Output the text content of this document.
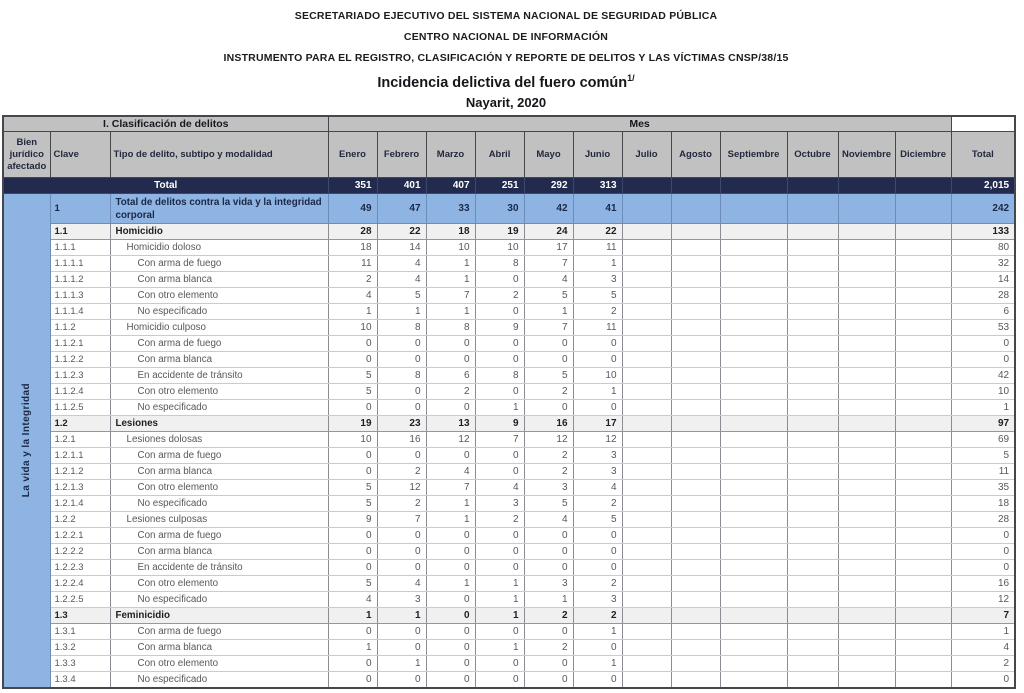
SECRETARIADO EJECUTIVO DEL SISTEMA NACIONAL DE SEGURIDAD PÚBLICA
CENTRO NACIONAL DE INFORMACIÓN
INSTRUMENTO PARA EL REGISTRO, CLASIFICACIÓN Y REPORTE DE DELITOS Y LAS VÍCTIMAS CNSP/38/15
Incidencia delictiva del fuero común$^{1/}$
Nayarit, 2020
I. Clasificación de delitos			Mes												
Bien jurídico afectado	Clave	Tipo de delito, subtipo y modalidad	Enero	Febrero	Marzo	Abril	Mayo	Junio	Julio	Agosto	Septiembre	Octubre	Noviembre	Diciembre	Total
Total			351	401	407	251	292	313							2,015
La vida y la Integridad	1	Total de delitos contra la vida y la integridad corporal	49	47	33	30	42	41							242
	1.1	Homicidio	28	22	18	19	24	22							133
	1.1.1	Homicidio doloso	18	14	10	10	17	11							80
	1.1.1.1	Con arma de fuego	11	4	1	8	7	1							32
	1.1.1.2	Con arma blanca	2	4	1	0	4	3							14
	1.1.1.3	Con otro elemento	4	5	7	2	5	5							28
	1.1.1.4	No especificado	1	1	1	0	1	2							6
	1.1.2	Homicidio culposo	10	8	8	9	7	11							53
	1.1.2.1	Con arma de fuego	0	0	0	0	0	0							0
	1.1.2.2	Con arma blanca	0	0	0	0	0	0							0
	1.1.2.3	En accidente de tránsito	5	8	6	8	5	10							42
	1.1.2.4	Con otro elemento	5	0	2	0	2	1							10
	1.1.2.5	No especificado	0	0	0	1	0	0							1
	1.2	Lesiones	19	23	13	9	16	17							97
	1.2.1	Lesiones dolosas	10	16	12	7	12	12							69
	1.2.1.1	Con arma de fuego	0	0	0	0	2	3							5
	1.2.1.2	Con arma blanca	0	2	4	0	2	3							11
	1.2.1.3	Con otro elemento	5	12	7	4	3	4							35
	1.2.1.4	No especificado	5	2	1	3	5	2							18
	1.2.2	Lesiones culposas	9	7	1	2	4	5							28
	1.2.2.1	Con arma de fuego	0	0	0	0	0	0							0
	1.2.2.2	Con arma blanca	0	0	0	0	0	0							0
	1.2.2.3	En accidente de tránsito	0	0	0	0	0	0							0
	1.2.2.4	Con otro elemento	5	4	1	1	3	2							16
	1.2.2.5	No especificado	4	3	0	1	1	3							12
	1.3	Feminicidio	1	1	0	1	2	2							7
	1.3.1	Con arma de fuego	0	0	0	0	0	1							1
	1.3.2	Con arma blanca	1	0	0	1	2	0							4
	1.3.3	Con otro elemento	0	1	0	0	0	1							2
	1.3.4	No especificado	0	0	0	0	0	0							0
